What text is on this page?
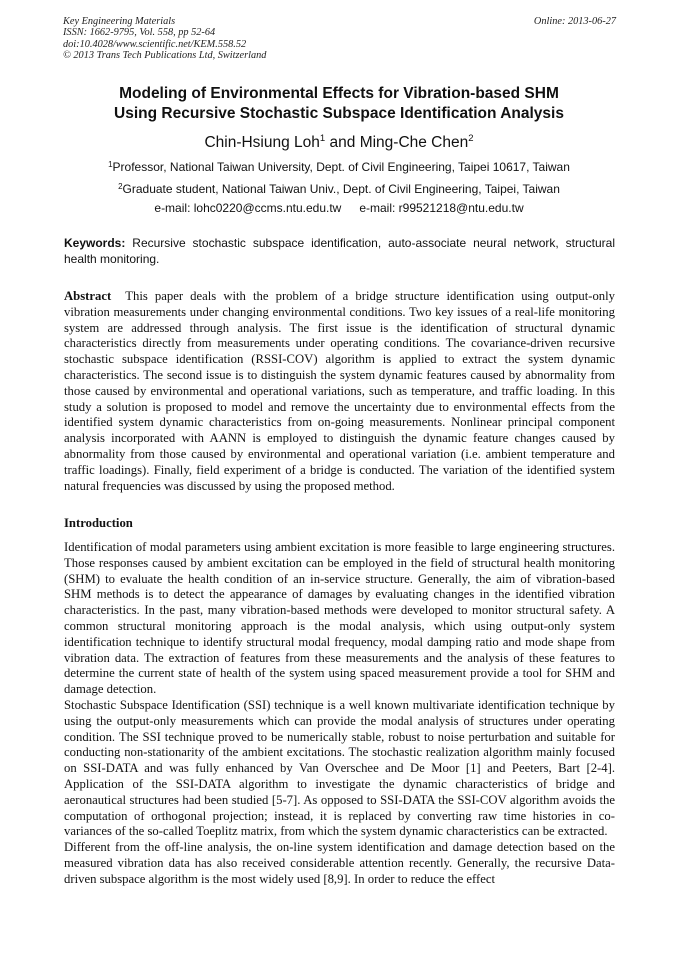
Key Engineering Materials
ISSN: 1662-9795, Vol. 558, pp 52-64
doi:10.4028/www.scientific.net/KEM.558.52
© 2013 Trans Tech Publications Ltd, Switzerland
Online: 2013-06-27
Modeling of Environmental Effects for Vibration-based SHM
Using Recursive Stochastic Subspace Identification Analysis
Chin-Hsiung Loh$^1$ and Ming-Che Chen$^2$
$^1$Professor, National Taiwan University, Dept. of Civil Engineering, Taipei 10617, Taiwan
$^2$Graduate student, National Taiwan Univ., Dept. of Civil Engineering, Taipei, Taiwan
e-mail: lohc0220@ccms.ntu.edu.tw e-mail: r99521218@ntu.edu.tw
Keywords: Recursive stochastic subspace identification, auto-associate neural network, structural health monitoring.
Abstract This paper deals with the problem of a bridge structure identification using output-only vibration measurements under changing environmental conditions. Two key issues of a real-life monitoring system are addressed through analysis. The first issue is the identification of structural dynamic characteristics directly from measurements under operating conditions. The covariance-driven recursive stochastic subspace identification (RSSI-COV) algorithm is applied to extract the system dynamic characteristics. The second issue is to distinguish the system dynamic features caused by abnormality from those caused by environmental and operational variations, such as temperature, and traffic loading. In this study a solution is proposed to model and remove the uncertainty due to environmental effects from the identified system dynamic characteristics from on-going measurements. Nonlinear principal component analysis incorporated with AANN is employed to distinguish the dynamic feature changes caused by abnormality from those caused by environmental and operational variation (i.e. ambient temperature and traffic loadings). Finally, field experiment of a bridge is conducted. The variation of the identified system natural frequencies was discussed by using the proposed method.
Introduction

Identification of modal parameters using ambient excitation is more feasible to large engineering structures. Those responses caused by ambient excitation can be employed in the field of structural health monitoring (SHM) to evaluate the health condition of an in-service structure. Generally, the aim of vibration-based SHM methods is to detect the appearance of damages by evaluating changes in the identified vibration characteristics. In the past, many vibration-based methods were developed to monitor structural safety. A common structural monitoring approach is the modal analysis, which using output-only system identification technique to identify structural modal frequency, modal damping ratio and mode shape from vibration data. The extraction of features from these measurements and the analysis of these features to determine the current state of health of the system using spaced measurement provide a tool for SHM and damage detection.

Stochastic Subspace Identification (SSI) technique is a well known multivariate identification technique by using the output-only measurements which can provide the modal analysis of structures under operating condition. The SSI technique proved to be numerically stable, robust to noise perturbation and suitable for conducting non-stationarity of the ambient excitations. The stochastic realization algorithm mainly focused on SSI-DATA and was fully enhanced by Van Overschee and De Moor [1] and Peeters, Bart [2-4]. Application of the SSI-DATA algorithm to investigate the dynamic characteristics of bridge and aeronautical structures had been studied [5-7]. As opposed to SSI-DATA the SSI-COV algorithm avoids the computation of orthogonal projection; instead, it is replaced by converting raw time histories in co-variances of the so-called Toeplitz matrix, from which the system dynamic characteristics can be extracted.

Different from the off-line analysis, the on-line system identification and damage detection based on the measured vibration data has also received considerable attention recently. Generally, the recursive Data-driven subspace algorithm is the most widely used [8,9]. In order to reduce the effect
